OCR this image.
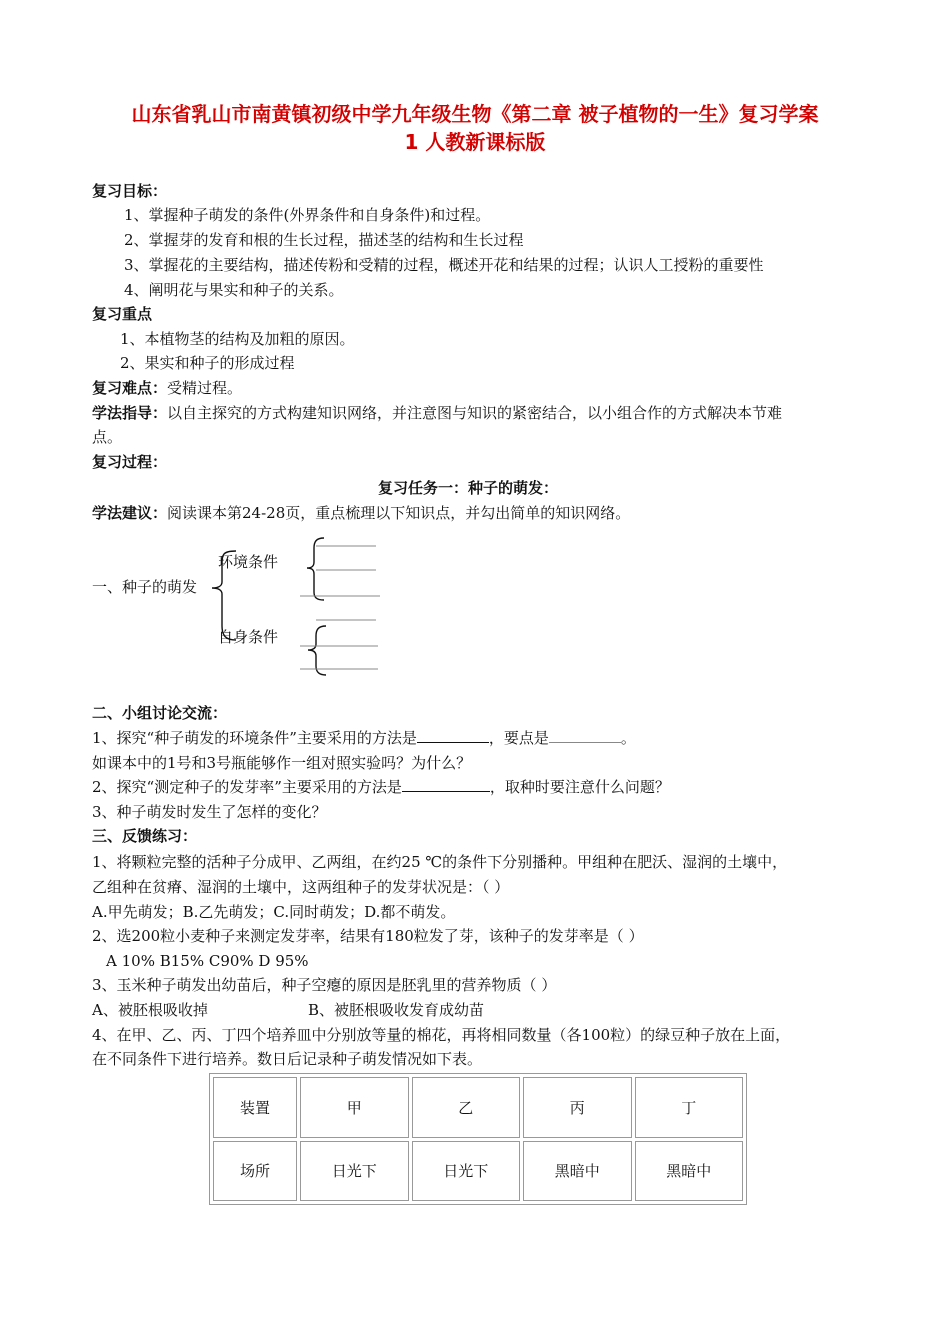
山东省乳山市南黄镇初级中学九年级生物《第二章 被子植物的一生》复习学案
1 人教新课标版
复习目标：
1、掌握种子萌发的条件(外界条件和自身条件)和过程。
2、掌握芽的发育和根的生长过程，描述茎的结构和生长过程
3、掌握花的主要结构，描述传粉和受精的过程，概述开花和结果的过程；认识人工授粉的重要性
4、阐明花与果实和种子的关系。
复习重点
1、本植物茎的结构及加粗的原因。
2、果实和种子的形成过程
复习难点：受精过程。
学法指导：以自主探究的方式构建知识网络，并注意图与知识的紧密结合，以小组合作的方式解决本节难
点。
复习过程：
复习任务一：种子的萌发：
学法建议：阅读课本第24-28页，重点梳理以下知识点，并勾出简单的知识网络。
一、种子的萌发
环境条件
自身条件
二、小组讨论交流：
1、探究“种子萌发的环境条件”主要采用的方法是	，要点是	。
如课本中的1号和3号瓶能够作一组对照实验吗？为什么？
2、探究“测定种子的发芽率”主要采用的方法是	，取种时要注意什么问题？
3、种子萌发时发生了怎样的变化？
三、反馈练习：
1、将颗粒完整的活种子分成甲、乙两组，在约25 ℃的条件下分别播种。甲组种在肥沃、湿润的土壤中，
乙组种在贫瘠、湿润的土壤中，这两组种子的发芽状况是：（ ）
A.甲先萌发；B.乙先萌发；C.同时萌发；D.都不萌发。
2、选200粒小麦种子来测定发芽率，结果有180粒发了芽，该种子的发芽率是（ ）
A 10% B15% C90% D 95%
3、玉米种子萌发出幼苗后，种子空瘪的原因是胚乳里的营养物质（ ）
A、被胚根吸收掉	B、被胚根吸收发育成幼苗
4、在甲、乙、丙、丁四个培养皿中分别放等量的棉花，再将相同数量（各100粒）的绿豆种子放在上面，
在不同条件下进行培养。数日后记录种子萌发情况如下表。
装置	甲	乙	丙	丁
场所	日光下	日光下	黑暗中	黑暗中
